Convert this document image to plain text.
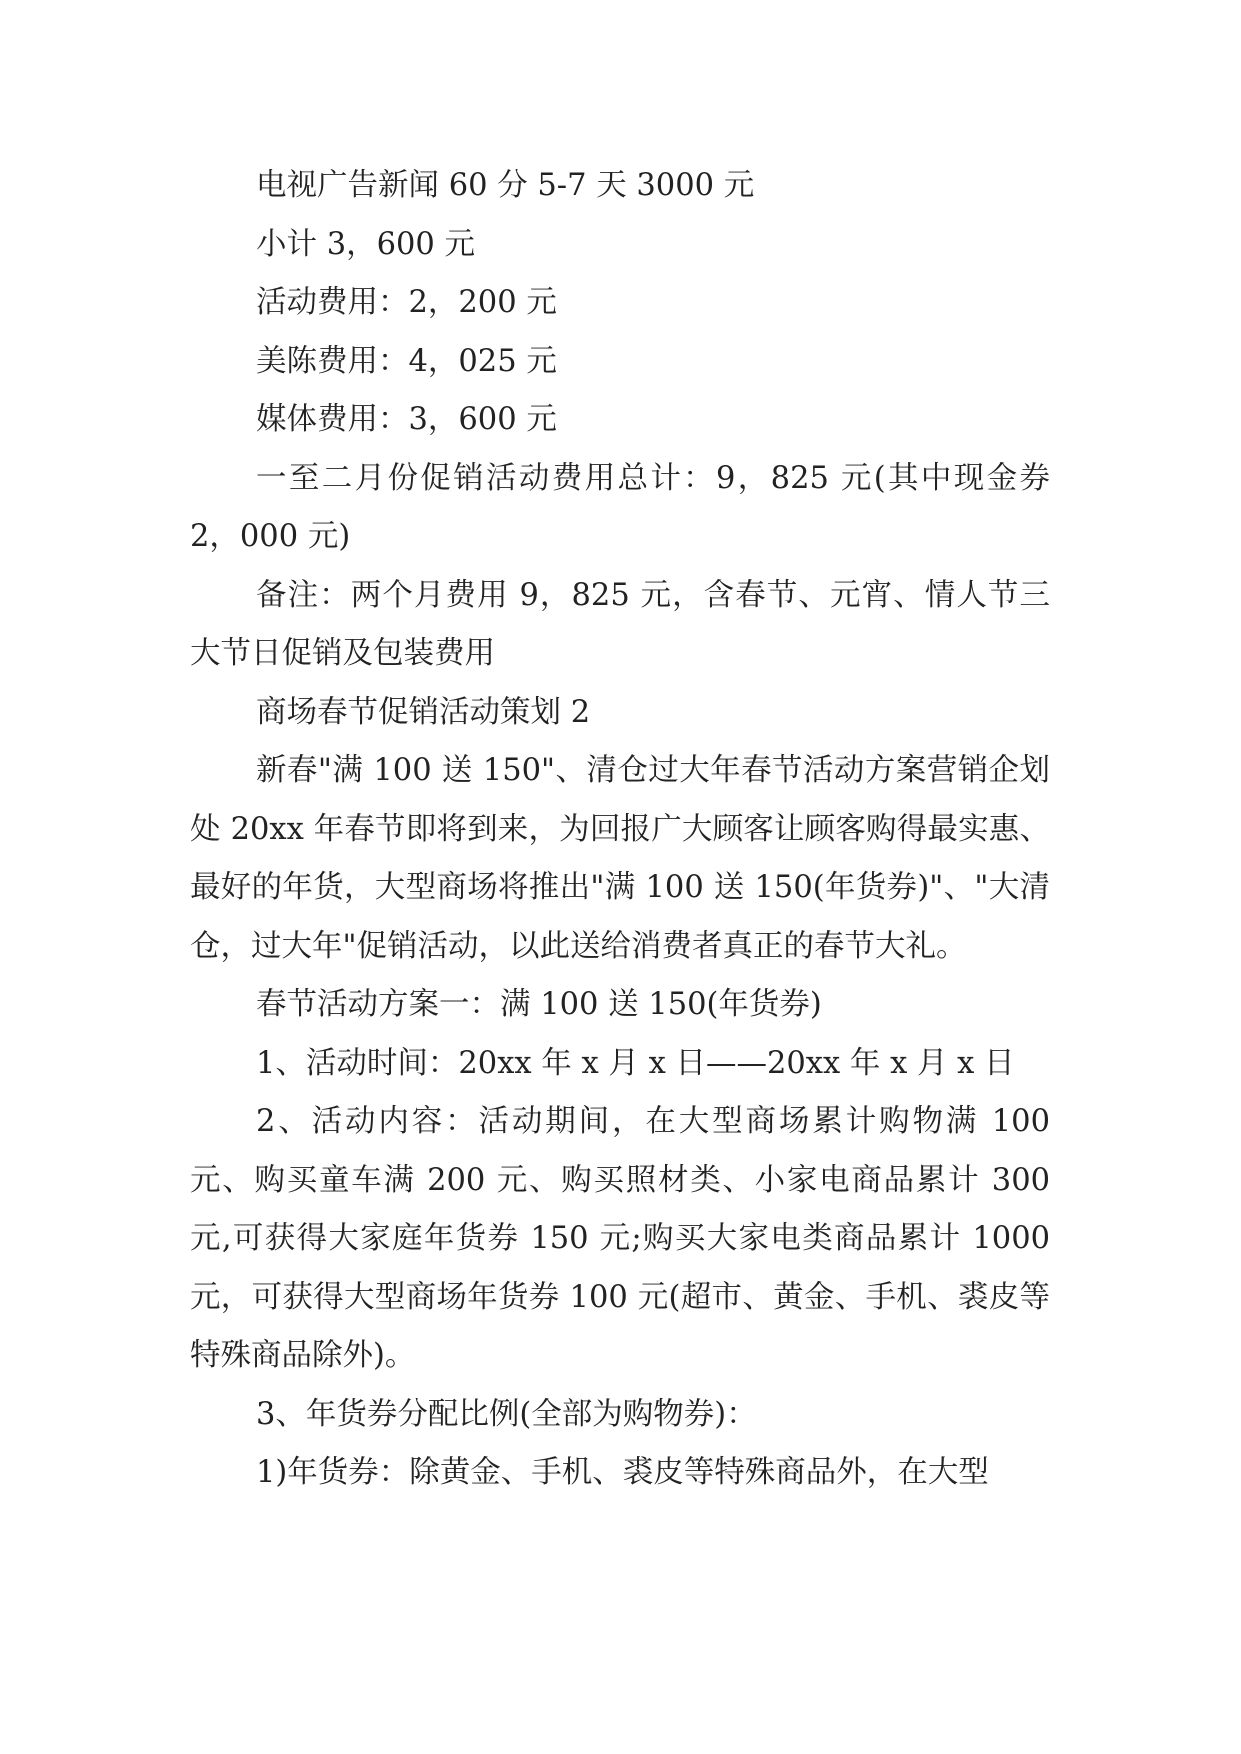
电视广告新闻 60 分 5-7 天 3000 元

小计 3，600 元

活动费用：2，200 元

美陈费用：4，025 元

媒体费用：3，600 元

一至二月份促销活动费用总计：9，825 元(其中现金券 2，000 元)

备注：两个月费用 9，825 元，含春节、元宵、情人节三大节日促销及包装费用

商场春节促销活动策划 2

新春"满 100 送 150"、清仓过大年春节活动方案营销企划处 20xx 年春节即将到来，为回报广大顾客让顾客购得最实惠、最好的年货，大型商场将推出"满 100 送 150(年货券)"、"大清仓，过大年"促销活动，以此送给消费者真正的春节大礼。

春节活动方案一：满 100 送 150(年货券)

1、活动时间：20xx 年 x 月 x 日——20xx 年 x 月 x 日

2、活动内容：活动期间，在大型商场累计购物满 100 元、购买童车满 200 元、购买照材类、小家电商品累计 300 元,可获得大家庭年货券 150 元;购买大家电类商品累计 1000 元，可获得大型商场年货券 100 元(超市、黄金、手机、裘皮等特殊商品除外)。

3、年货券分配比例(全部为购物券)：

1)年货券：除黄金、手机、裘皮等特殊商品外，在大型
